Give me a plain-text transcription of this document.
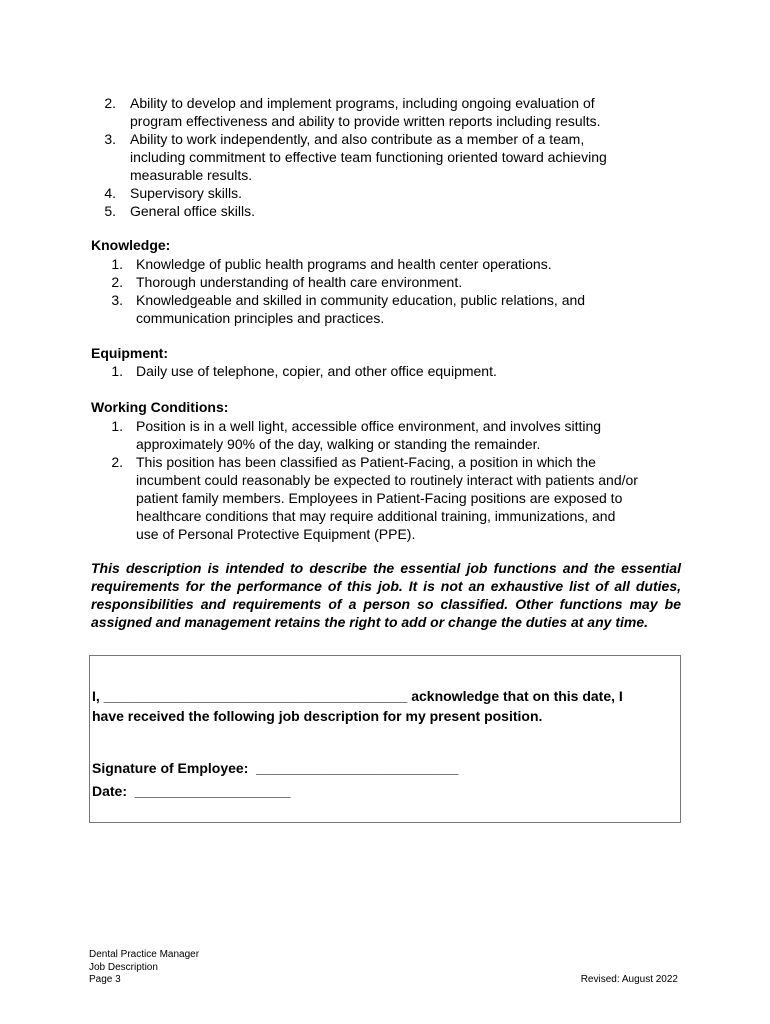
2. Ability to develop and implement programs, including ongoing evaluation of
program effectiveness and ability to provide written reports including results.
3. Ability to work independently, and also contribute as a member of a team,
including commitment to effective team functioning oriented toward achieving
measurable results.
4. Supervisory skills.
5. General office skills.
Knowledge:
1. Knowledge of public health programs and health center operations.
2. Thorough understanding of health care environment.
3. Knowledgeable and skilled in community education, public relations, and
communication principles and practices.
Equipment:
1. Daily use of telephone, copier, and other office equipment.
Working Conditions:
1. Position is in a well light, accessible office environment, and involves sitting
approximately 90% of the day, walking or standing the remainder.
2. This position has been classified as Patient-Facing, a position in which the
incumbent could reasonably be expected to routinely interact with patients and/or
patient family members. Employees in Patient-Facing positions are exposed to
healthcare conditions that may require additional training, immunizations, and
use of Personal Protective Equipment (PPE).
This description is intended to describe the essential job functions and the essential requirements for the performance of this job. It is not an exhaustive list of all duties, responsibilities and requirements of a person so classified. Other functions may be assigned and management retains the right to add or change the duties at any time.
I, _______________________________________ acknowledge that on this date, I
have received the following job description for my present position.
Signature of Employee:  __________________________
Date:  ____________________
Dental Practice Manager
Job Description
Page 3	Revised: August 2022
